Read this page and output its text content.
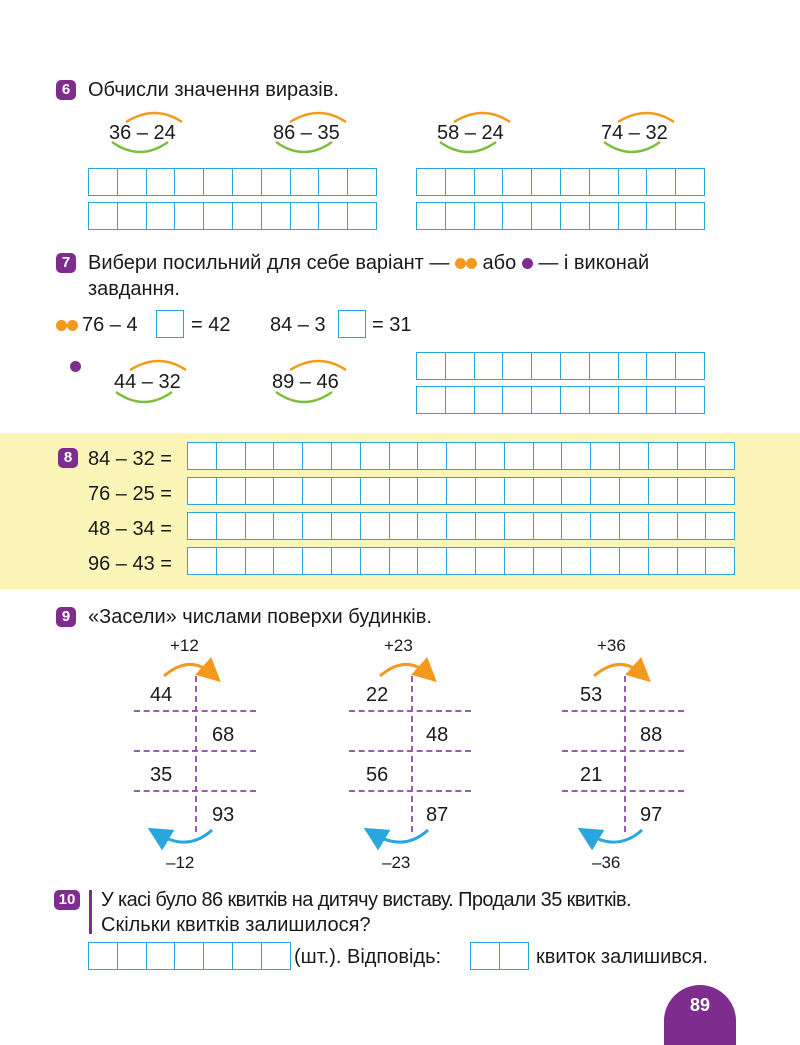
6 Обчисли значення виразів.
36 – 24	86 – 35	58 – 24	74 – 32
7 Вибери посильний для себе варіант — або — і виконай
завдання.
76 – 4	= 42 84 – 3 = 31
44 – 32	89 – 46
8 84 – 32 =
76 – 25 =
48 – 34 =
96 – 43 =
9 «Засели» числами поверхи будинків.
+12
44
68
35
93
–12
+23
22
48
56
87
–23
+36
53
88
21
97
–36
10 У касі було 86 квитків на дитячу виставу. Продали 35 квитків.
Скільки квитків залишилося?
(шт.). Відповідь:	квиток залишився.
89
